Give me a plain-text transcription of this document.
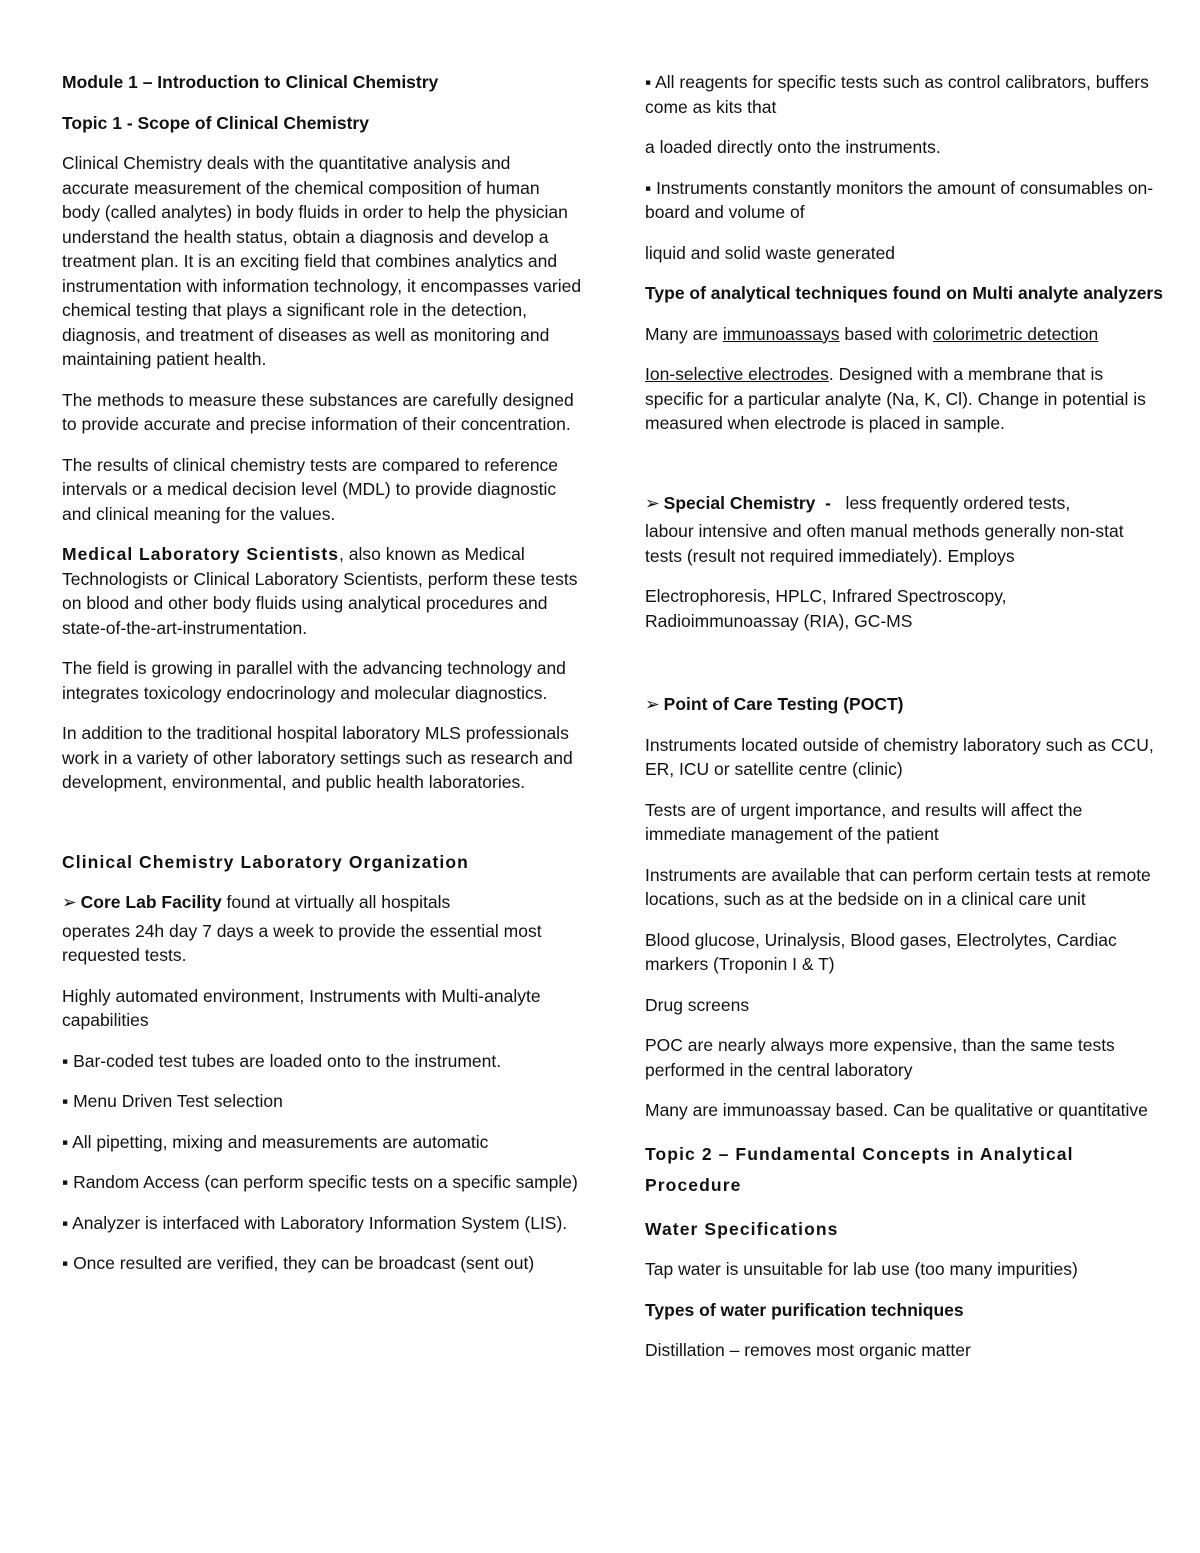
Module 1 – Introduction to Clinical Chemistry

Topic 1 - Scope of Clinical Chemistry

Clinical Chemistry deals with the quantitative analysis and accurate measurement of the chemical composition of human body (called analytes) in body fluids in order to help the physician understand the health status, obtain a diagnosis and develop a treatment plan. It is an exciting field that combines analytics and instrumentation with information technology, it encompasses varied chemical testing that plays a significant role in the detection, diagnosis, and treatment of diseases as well as monitoring and maintaining patient health.

The methods to measure these substances are carefully designed to provide accurate and precise information of their concentration.

The results of clinical chemistry tests are compared to reference intervals or a medical decision level (MDL) to provide diagnostic and clinical meaning for the values.

Medical Laboratory Scientists, also known as Medical Technologists or Clinical Laboratory Scientists, perform these tests on blood and other body fluids using analytical procedures and state-of-the-art-instrumentation.

The field is growing in parallel with the advancing technology and integrates toxicology endocrinology and molecular diagnostics.

In addition to the traditional hospital laboratory MLS professionals work in a variety of other laboratory settings such as research and development, environmental, and public health laboratories.

Clinical Chemistry Laboratory Organization

➢ Core Lab Facility found at virtually all hospitals

operates 24h day 7 days a week to provide the essential most requested tests.

Highly automated environment, Instruments with Multi-analyte capabilities

▪ Bar-coded test tubes are loaded onto to the instrument.

▪ Menu Driven Test selection

▪ All pipetting, mixing and measurements are automatic

▪ Random Access (can perform specific tests on a specific sample)

▪ Analyzer is interfaced with Laboratory Information System (LIS).

▪ Once resulted are verified, they can be broadcast (sent out)

▪ All reagents for specific tests such as control calibrators, buffers come as kits that

a loaded directly onto the instruments.

▪ Instruments constantly monitors the amount of consumables on-board and volume of

liquid and solid waste generated

Type of analytical techniques found on Multi analyte analyzers

Many are immunoassays based with colorimetric detection

Ion-selective electrodes. Designed with a membrane that is specific for a particular analyte (Na, K, Cl). Change in potential is measured when electrode is placed in sample.

➢ Special Chemistry  -   less frequently ordered tests,

labour intensive and often manual methods generally non-stat tests (result not required immediately). Employs

Electrophoresis, HPLC, Infrared Spectroscopy, Radioimmunoassay (RIA), GC-MS

➢ Point of Care Testing (POCT)

Instruments located outside of chemistry laboratory such as CCU, ER, ICU or satellite centre (clinic)

Tests are of urgent importance, and results will affect the immediate management of the patient

Instruments are available that can perform certain tests at remote locations, such as at the bedside on in a clinical care unit

Blood glucose, Urinalysis, Blood gases, Electrolytes, Cardiac markers (Troponin I & T)

Drug screens

POC are nearly always more expensive, than the same tests performed in the central laboratory

Many are immunoassay based. Can be qualitative or quantitative

Topic 2 – Fundamental Concepts in Analytical Procedure

Water Specifications

Tap water is unsuitable for lab use (too many impurities)

Types of water purification techniques

Distillation – removes most organic matter
